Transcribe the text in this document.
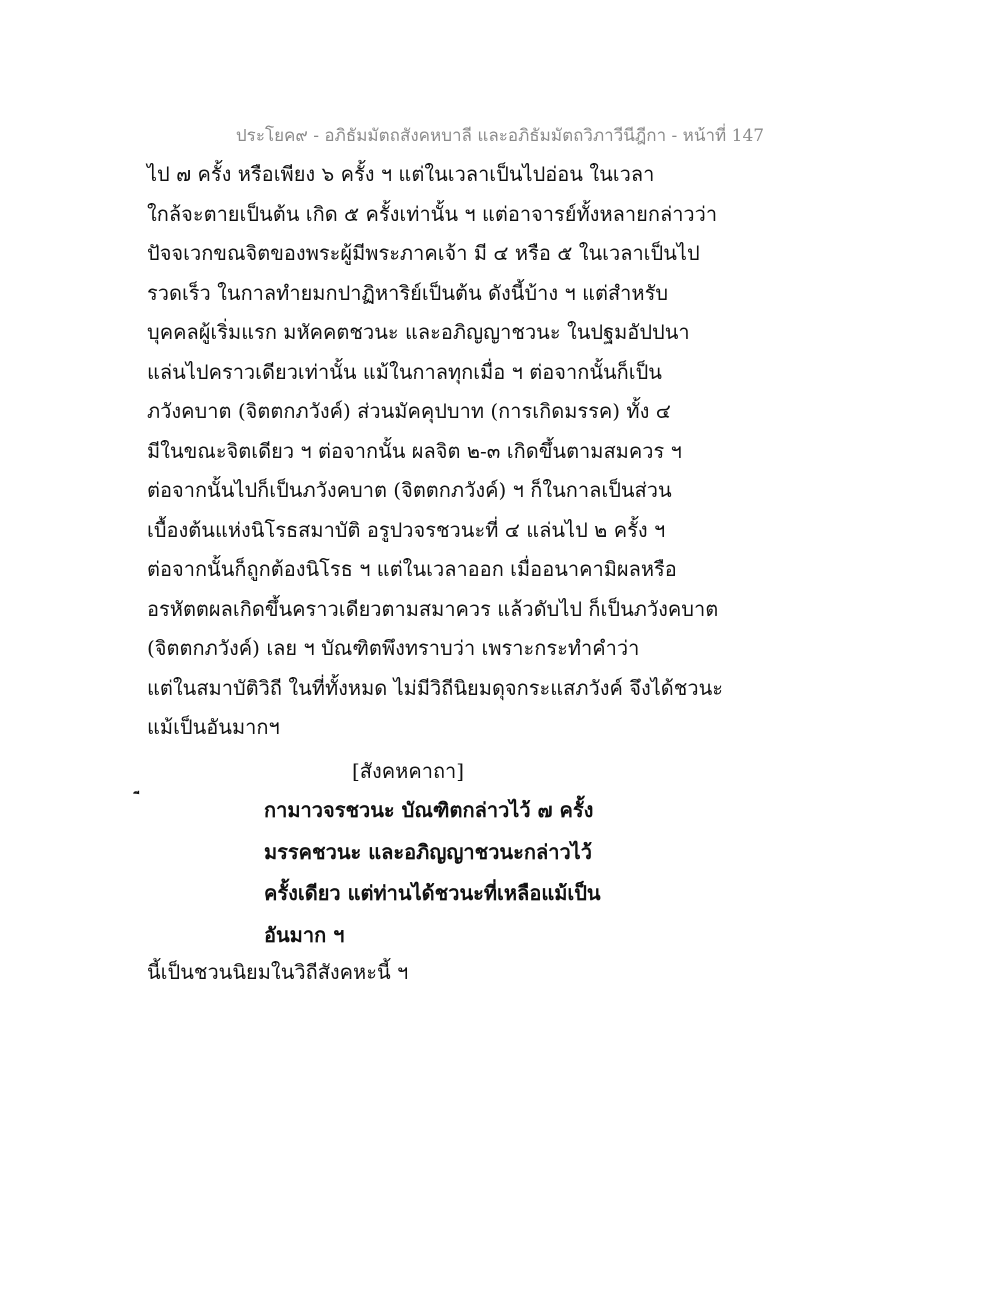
ประโยค๙ - อภิธัมมัตถสังคหบาลี และอภิธัมมัตถวิภาวีนีฎีกา - หน้าที่ 147
ไป ๗ ครั้ง หรือเพียง ๖ ครั้ง ฯ แต่ในเวลาเป็นไปอ่อน ในเวลา
ใกล้จะตายเป็นต้น เกิด ๕ ครั้งเท่านั้น ฯ แต่อาจารย์ทั้งหลายกล่าวว่า
ปัจจเวกขณจิตของพระผู้มีพระภาคเจ้า มี ๔ หรือ ๕ ในเวลาเป็นไป
รวดเร็ว ในกาลทำยมกปาฏิหาริย์เป็นต้น ดังนี้บ้าง ฯ แต่สำหรับ
บุคคลผู้เริ่มแรก มหัคคตชวนะ และอภิญญาชวนะ ในปฐมอัปปนา
แล่นไปคราวเดียวเท่านั้น แม้ในกาลทุกเมื่อ ฯ ต่อจากนั้นก็เป็น
ภวังคบาต (จิตตกภวังค์) ส่วนมัคคุปบาท (การเกิดมรรค) ทั้ง ๔
มีในขณะจิตเดียว ฯ ต่อจากนั้น ผลจิต ๒-๓ เกิดขึ้นตามสมควร ฯ
ต่อจากนั้นไปก็เป็นภวังคบาต (จิตตกภวังค์) ฯ ก็ในกาลเป็นส่วน
เบื้องต้นแห่งนิโรธสมาบัติ อรูปวจรชวนะที่ ๔ แล่นไป ๒ ครั้ง ฯ
ต่อจากนั้นก็ถูกต้องนิโรธ ฯ แต่ในเวลาออก เมื่ออนาคามิผลหรือ
อรหัตตผลเกิดขึ้นคราวเดียวตามสมาควร แล้วดับไป ก็เป็นภวังคบาต
(จิตตกภวังค์) เลย ฯ บัณฑิตพึงทราบว่า เพราะกระทำคำว่า
แต่ในสมาบัติวิถี ในที่ทั้งหมด ไม่มีวิถีนิยมดุจกระแสภวังค์ จึงได้ชวนะ
แม้เป็นอันมากฯ
[สังคหคาถา]
กามาวจรชวนะ บัณฑิตกล่าวไว้ ๗ ครั้ง
มรรคชวนะ และอภิญญาชวนะกล่าวไว้
ครั้งเดียว แต่ท่านได้ชวนะที่เหลือแม้เป็น
อันมาก ฯ
นี้เป็นชวนนิยมในวิถีสังคหะนี้ ฯ
